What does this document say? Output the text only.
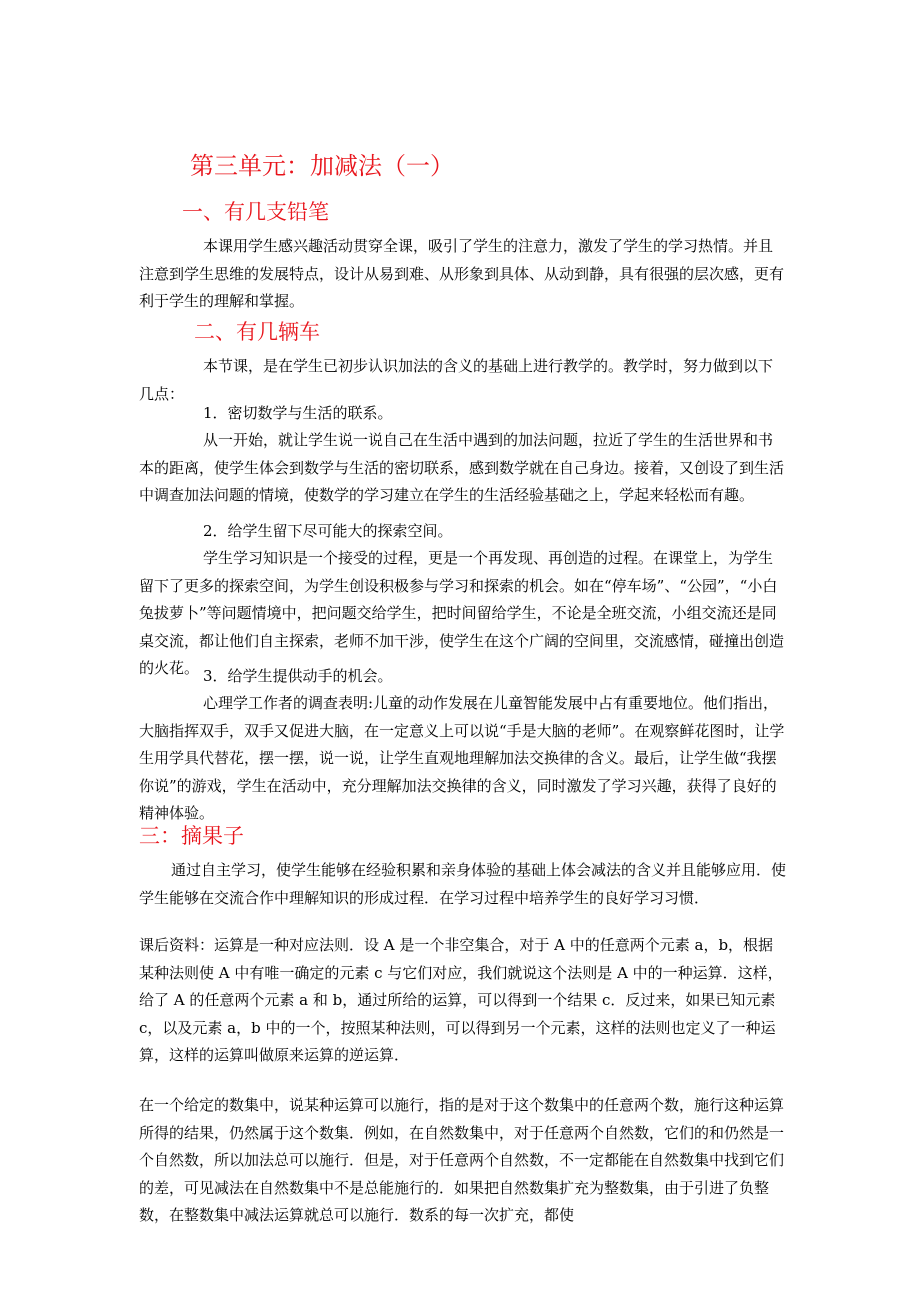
第三单元：加减法（一）
一、有几支铅笔

本课用学生感兴趣活动贯穿全课，吸引了学生的注意力，激发了学生的学习热情。并且注意到学生思维的发展特点，设计从易到难、从形象到具体、从动到静，具有很强的层次感，更有利于学生的理解和掌握。

二、有几辆车

本节课，是在学生已初步认识加法的含义的基础上进行教学的。教学时，努力做到以下几点：

1．密切数学与生活的联系。

从一开始，就让学生说一说自己在生活中遇到的加法问题，拉近了学生的生活世界和书本的距离，使学生体会到数学与生活的密切联系，感到数学就在自己身边。接着，又创设了到生活中调查加法问题的情境，使数学的学习建立在学生的生活经验基础之上，学起来轻松而有趣。

2．给学生留下尽可能大的探索空间。

学生学习知识是一个接受的过程，更是一个再发现、再创造的过程。在课堂上，为学生留下了更多的探索空间，为学生创设积极参与学习和探索的机会。如在“停车场”、“公园”，“小白兔拔萝卜”等问题情境中，把问题交给学生，把时间留给学生，不论是全班交流，小组交流还是同桌交流，都让他们自主探索，老师不加干涉，使学生在这个广阔的空间里，交流感情，碰撞出创造的火花。 3．给学生提供动手的机会。

心理学工作者的调查表明:儿童的动作发展在儿童智能发展中占有重要地位。他们指出，大脑指挥双手，双手又促进大脑，在一定意义上可以说“手是大脑的老师”。在观察鲜花图时，让学生用学具代替花，摆一摆，说一说，让学生直观地理解加法交换律的含义。最后，让学生做“我摆你说”的游戏，学生在活动中，充分理解加法交换律的含义，同时激发了学习兴趣，获得了良好的精神体验。

三：摘果子

通过自主学习，使学生能够在经验积累和亲身体验的基础上体会减法的含义并且能够应用．使学生能够在交流合作中理解知识的形成过程．在学习过程中培养学生的良好学习习惯．

课后资料：运算是一种对应法则．设 A 是一个非空集合，对于 A 中的任意两个元素 a，b，根据某种法则使 A 中有唯一确定的元素 c 与它们对应，我们就说这个法则是 A 中的一种运算．这样，给了 A 的任意两个元素 a 和 b，通过所给的运算，可以得到一个结果 c．反过来，如果已知元素 c，以及元素 a，b 中的一个，按照某种法则，可以得到另一个元素，这样的法则也定义了一种运算，这样的运算叫做原来运算的逆运算．

在一个给定的数集中，说某种运算可以施行，指的是对于这个数集中的任意两个数，施行这种运算所得的结果，仍然属于这个数集．例如，在自然数集中，对于任意两个自然数，它们的和仍然是一个自然数，所以加法总可以施行．但是，对于任意两个自然数，不一定都能在自然数集中找到它们的差，可见减法在自然数集中不是总能施行的．如果把自然数集扩充为整数集，由于引进了负整数，在整数集中减法运算就总可以施行．数系的每一次扩充，都使
